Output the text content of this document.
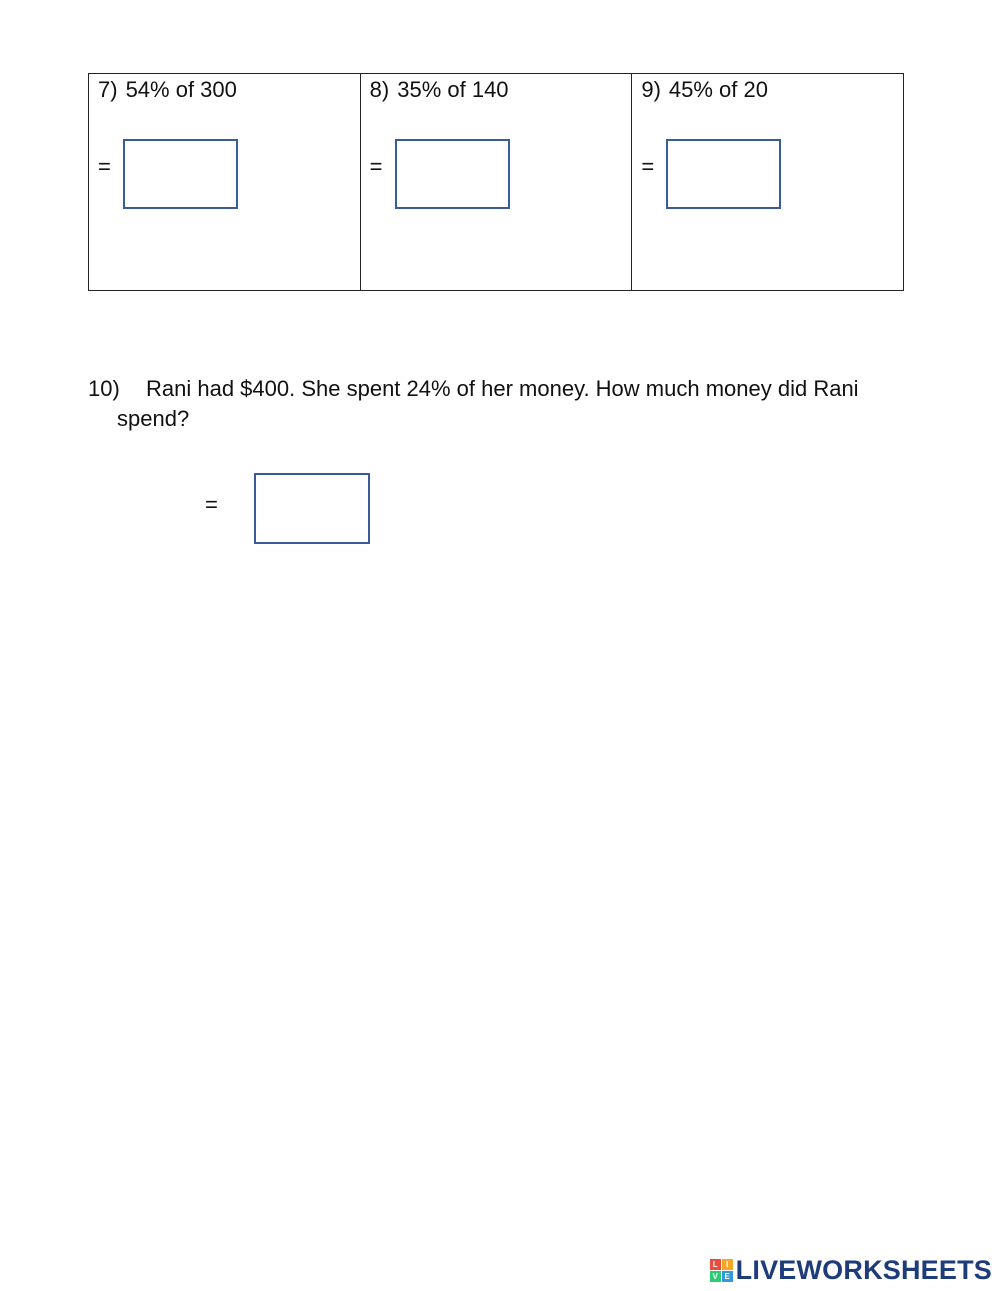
7) 54% of 300
=
8) 35% of 140
=
9) 45% of 20
=
10) Rani had $400. She spent 24% of her money. How much money did Rani
spend?
=
L	I
V E LIVEWORKSHEETS
